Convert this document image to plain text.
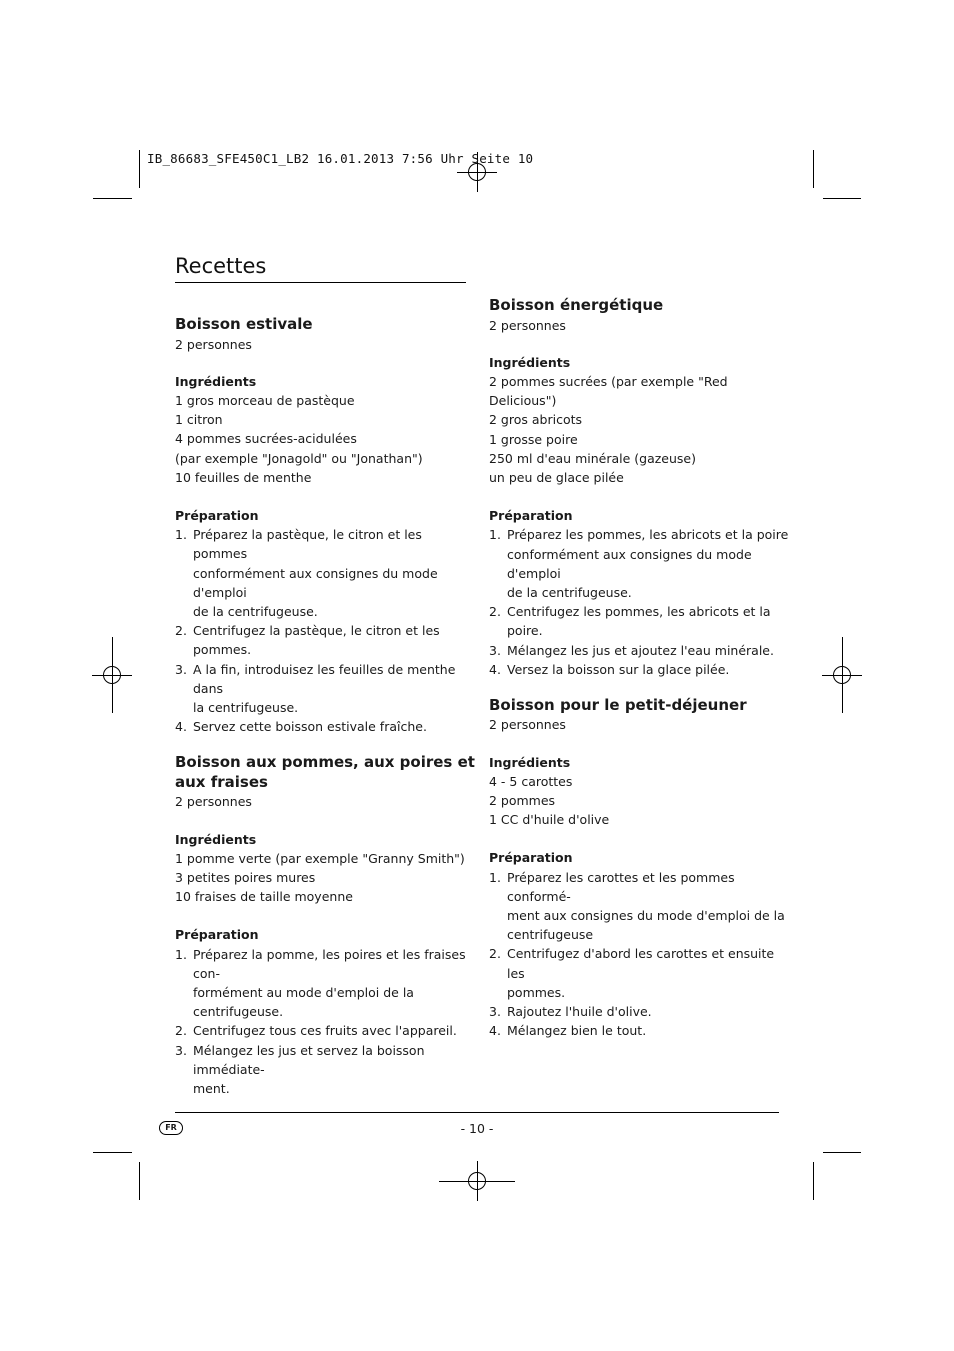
IB_86683_SFE450C1_LB2 16.01.2013 7:56 Uhr Seite 10
Recettes
Boisson estivale

2 personnes

Ingrédients
1 gros morceau de pastèque
1 citron
4 pommes sucrées-acidulées
(par exemple "Jonagold" ou "Jonathan")
10 feuilles de menthe
Préparation
1. Préparez la pastèque, le citron et les pommes
conformément aux consignes du mode d'emploi
de la centrifugeuse.
2. Centrifugez la pastèque, le citron et les pommes.
3. A la fin, introduisez les feuilles de menthe dans
la centrifugeuse.
4. Servez cette boisson estivale fraîche.
Boisson aux pommes, aux poires et
aux fraises

2 personnes

Ingrédients
1 pomme verte (par exemple "Granny Smith")
3 petites poires mures
10 fraises de taille moyenne
Préparation
1. Préparez la pomme, les poires et les fraises con-
formément au mode d'emploi de la centrifugeuse.
2. Centrifugez tous ces fruits avec l'appareil.
3. Mélangez les jus et servez la boisson immédiate-
ment.
Boisson énergétique

2 personnes

Ingrédients
2 pommes sucrées (par exemple "Red Delicious")
2 gros abricots
1 grosse poire
250 ml d'eau minérale (gazeuse)
un peu de glace pilée
Préparation
1. Préparez les pommes, les abricots et la poire
conformément aux consignes du mode d'emploi
de la centrifugeuse.
2. Centrifugez les pommes, les abricots et la poire.
3. Mélangez les jus et ajoutez l'eau minérale.
4. Versez la boisson sur la glace pilée.
Boisson pour le petit-déjeuner

2 personnes

Ingrédients
4 - 5 carottes
2 pommes
1 CC d'huile d'olive
Préparation
1. Préparez les carottes et les pommes conformé-
ment aux consignes du mode d'emploi de la
centrifugeuse
2. Centrifugez d'abord les carottes et ensuite les
pommes.
3. Rajoutez l'huile d'olive.
4. Mélangez bien le tout.
FR	- 10 -
